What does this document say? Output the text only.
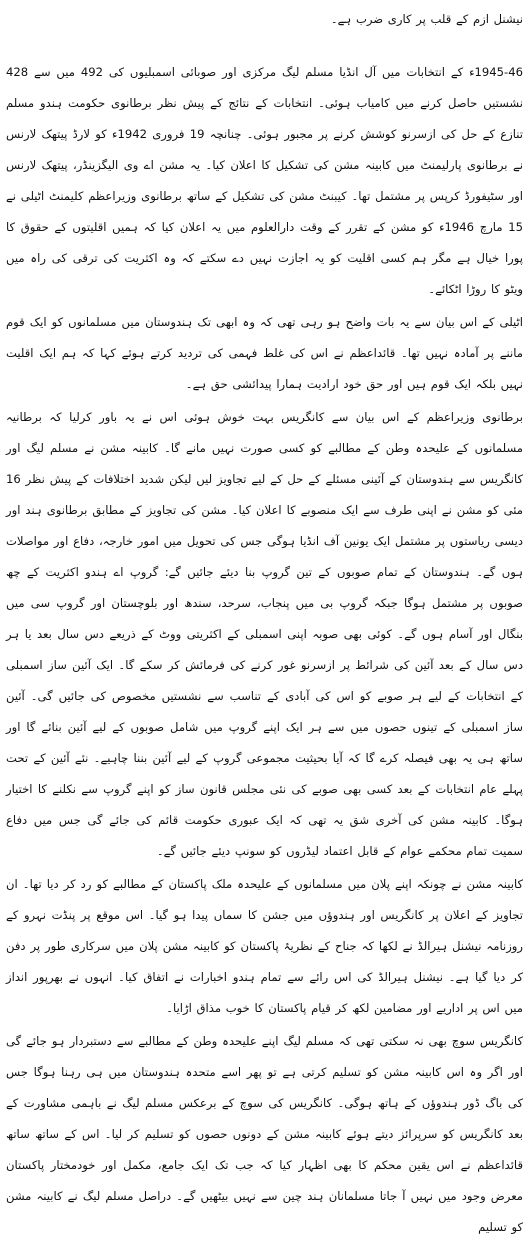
نیشنل ازم کے قلب پر کاری ضرب ہے۔

1945-46ء کے انتخابات میں آل انڈیا مسلم لیگ مرکزی اور صوبائی اسمبلیوں کی 492 میں سے 428 نشستیں حاصل کرنے میں کامیاب ہوئی۔ انتخابات کے نتائج کے پیش نظر برطانوی حکومت ہندو مسلم تنازع کے حل کی ازسرنو کوشش کرنے پر مجبور ہوئی۔ چنانچہ 19 فروری 1942ء کو لارڈ پیتھک لارنس نے برطانوی پارلیمنٹ میں کابینہ مشن کی تشکیل کا اعلان کیا۔ یہ مشن اے وی الیگزینڈر، پیتھک لارنس اور سٹیفورڈ کرپس پر مشتمل تھا۔ کیبنٹ مشن کی تشکیل کے ساتھ برطانوی وزیراعظم کلیمنٹ اٹیلی نے 15 مارچ 1946ء کو مشن کے تقرر کے وقت دارالعلوم میں یہ اعلان کیا کہ ہمیں اقلیتوں کے حقوق کا پورا خیال ہے مگر ہم کسی اقلیت کو یہ اجازت نہیں دے سکتے کہ وہ اکثریت کی ترقی کی راہ میں ویٹو کا روڑا اٹکائے۔

اٹیلی کے اس بیان سے یہ بات واضح ہو رہی تھی کہ وہ ابھی تک ہندوستان میں مسلمانوں کو ایک قوم ماننے پر آمادہ نہیں تھا۔ قائداعظم نے اس کی غلط فہمی کی تردید کرتے ہوئے کہا کہ ہم ایک اقلیت نہیں بلکہ ایک قوم ہیں اور حق خود ارادیت ہمارا پیدائشی حق ہے۔

برطانوی وزیراعظم کے اس بیان سے کانگریس بہت خوش ہوئی اس نے یہ باور کرلیا کہ برطانیہ مسلمانوں کے علیحدہ وطن کے مطالبے کو کسی صورت نہیں مانے گا۔ کابینہ مشن نے مسلم لیگ اور کانگریس سے ہندوستان کے آئینی مسئلے کے حل کے لیے تجاویز لیں لیکن شدید اختلافات کے پیش نظر 16 مئی کو مشن نے اپنی طرف سے ایک منصوبے کا اعلان کیا۔ مشن کی تجاویز کے مطابق برطانوی ہند اور دیسی ریاستوں پر مشتمل ایک یونین آف انڈیا ہوگی جس کی تحویل میں امور خارجہ، دفاع اور مواصلات ہوں گے۔ ہندوستان کے تمام صوبوں کے تین گروپ بنا دیئے جائیں گے: گروپ اے ہندو اکثریت کے چھ صوبوں پر مشتمل ہوگا جبکہ گروپ بی میں پنجاب، سرحد، سندھ اور بلوچستان اور گروپ سی میں بنگال اور آسام ہوں گے۔ کوئی بھی صوبہ اپنی اسمبلی کے اکثریتی ووٹ کے ذریعے دس سال بعد یا ہر دس سال کے بعد آئین کی شرائط پر ازسرنو غور کرنے کی فرمائش کر سکے گا۔ ایک آئین ساز اسمبلی کے انتخابات کے لیے ہر صوبے کو اس کی آبادی کے تناسب سے نشستیں مخصوص کی جائیں گی۔ آئین ساز اسمبلی کے تینوں حصوں میں سے ہر ایک اپنے گروپ میں شامل صوبوں کے لیے آئین بنائے گا اور ساتھ ہی یہ بھی فیصلہ کرے گا کہ آیا بحیثیت مجموعی گروپ کے لیے آئین بننا چاہیے۔ نئے آئین کے تحت پہلے عام انتخابات کے بعد کسی بھی صوبے کی نئی مجلس قانون ساز کو اپنے گروپ سے نکلنے کا اختیار ہوگا۔ کابینہ مشن کی آخری شق یہ تھی کہ ایک عبوری حکومت قائم کی جائے گی جس میں دفاع سمیت تمام محکمے عوام کے قابل اعتماد لیڈروں کو سونپ دیئے جائیں گے۔

کابینہ مشن نے چونکہ اپنے پلان میں مسلمانوں کے علیحدہ ملک پاکستان کے مطالبے کو رد کر دیا تھا۔ ان تجاویز کے اعلان پر کانگریس اور ہندوؤں میں جشن کا سماں پیدا ہو گیا۔ اس موقع پر پنڈت نہرو کے روزنامہ نیشنل ہیرالڈ نے لکھا کہ جناح کے نظریۂ پاکستان کو کابینہ مشن پلان میں سرکاری طور پر دفن کر دیا گیا ہے۔ نیشنل ہیرالڈ کی اس رائے سے تمام ہندو اخبارات نے اتفاق کیا۔ انہوں نے بھرپور انداز میں اس پر اداریے اور مضامین لکھ کر قیام پاکستان کا خوب مذاق اڑایا۔

کانگریس سوچ بھی نہ سکتی تھی کہ مسلم لیگ اپنے علیحدہ وطن کے مطالبے سے دستبردار ہو جائے گی اور اگر وہ اس کابینہ مشن کو تسلیم کرتی ہے تو پھر اسے متحدہ ہندوستان میں ہی رہنا ہوگا جس کی باگ ڈور ہندوؤں کے ہاتھ ہوگی۔ کانگریس کی سوچ کے برعکس مسلم لیگ نے باہمی مشاورت کے بعد کانگریس کو سرپرائز دیتے ہوئے کابینہ مشن کے دونوں حصوں کو تسلیم کر لیا۔ اس کے ساتھ ساتھ قائداعظم نے اس یقین محکم کا بھی اظہار کیا کہ جب تک ایک جامع، مکمل اور خودمختار پاکستان معرض وجود میں نہیں آ جاتا مسلمانان ہند چین سے نہیں بیٹھیں گے۔ دراصل مسلم لیگ نے کابینہ مشن کو تسلیم
